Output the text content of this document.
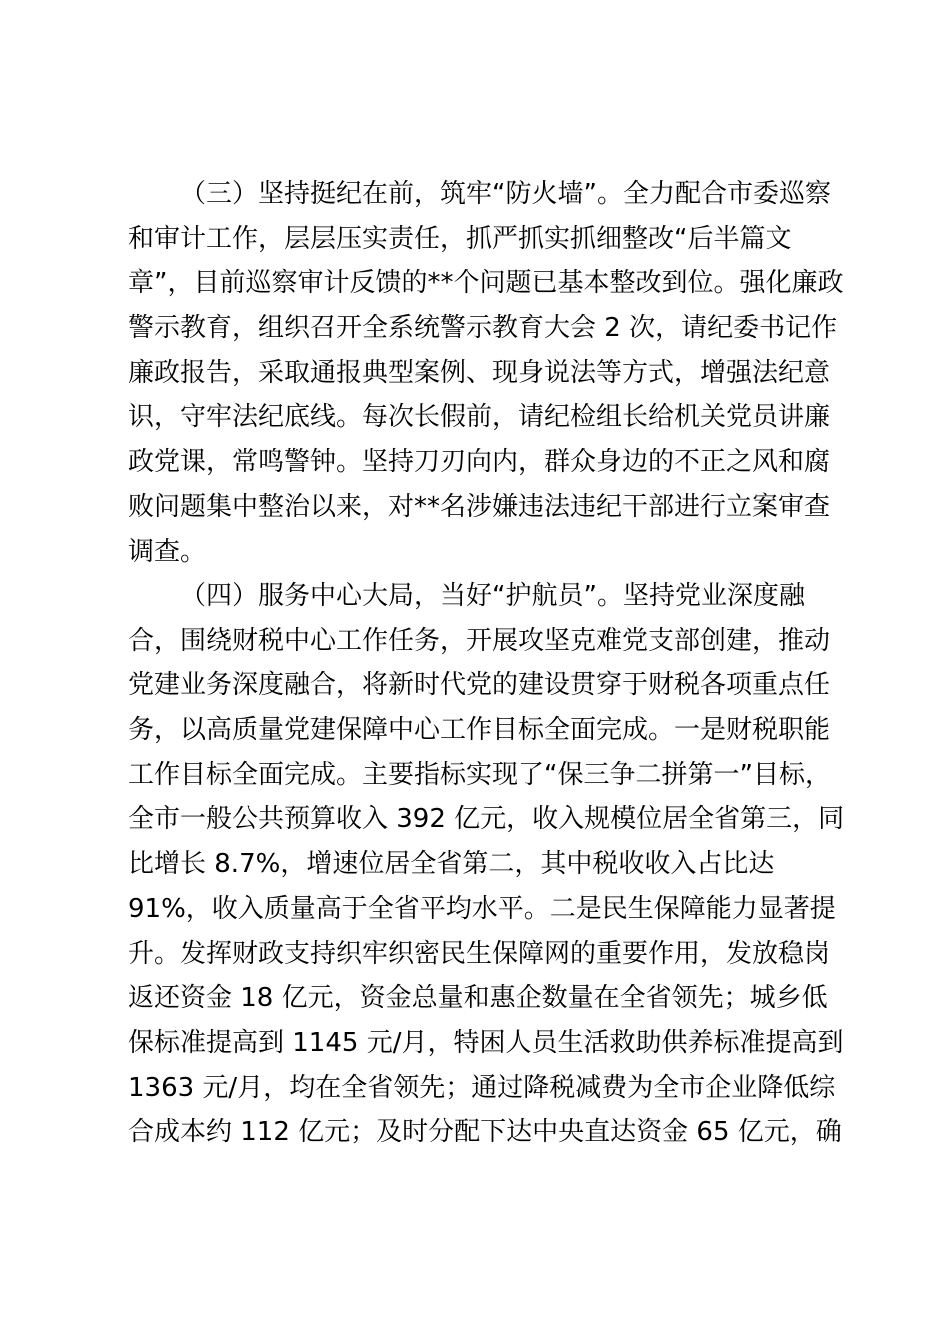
（三）坚持挺纪在前，筑牢“防火墙”。全力配合市委巡察
和审计工作，层层压实责任，抓严抓实抓细整改“后半篇文
章”，目前巡察审计反馈的**个问题已基本整改到位。强化廉政
警示教育，组织召开全系统警示教育大会 2 次，请纪委书记作
廉政报告，采取通报典型案例、现身说法等方式，增强法纪意
识，守牢法纪底线。每次长假前，请纪检组长给机关党员讲廉
政党课，常鸣警钟。坚持刀刃向内，群众身边的不正之风和腐
败问题集中整治以来，对**名涉嫌违法违纪干部进行立案审查
调查。
（四）服务中心大局，当好“护航员”。坚持党业深度融
合，围绕财税中心工作任务，开展攻坚克难党支部创建，推动
党建业务深度融合，将新时代党的建设贯穿于财税各项重点任
务，以高质量党建保障中心工作目标全面完成。一是财税职能
工作目标全面完成。主要指标实现了“保三争二拼第一”目标，
全市一般公共预算收入 392 亿元，收入规模位居全省第三，同
比增长 8.7%，增速位居全省第二，其中税收收入占比达
91%，收入质量高于全省平均水平。二是民生保障能力显著提
升。发挥财政支持织牢织密民生保障网的重要作用，发放稳岗
返还资金 18 亿元，资金总量和惠企数量在全省领先；城乡低
保标准提高到 1145 元/月，特困人员生活救助供养标准提高到
1363 元/月，均在全省领先；通过降税减费为全市企业降低综
合成本约 112 亿元；及时分配下达中央直达资金 65 亿元，确
